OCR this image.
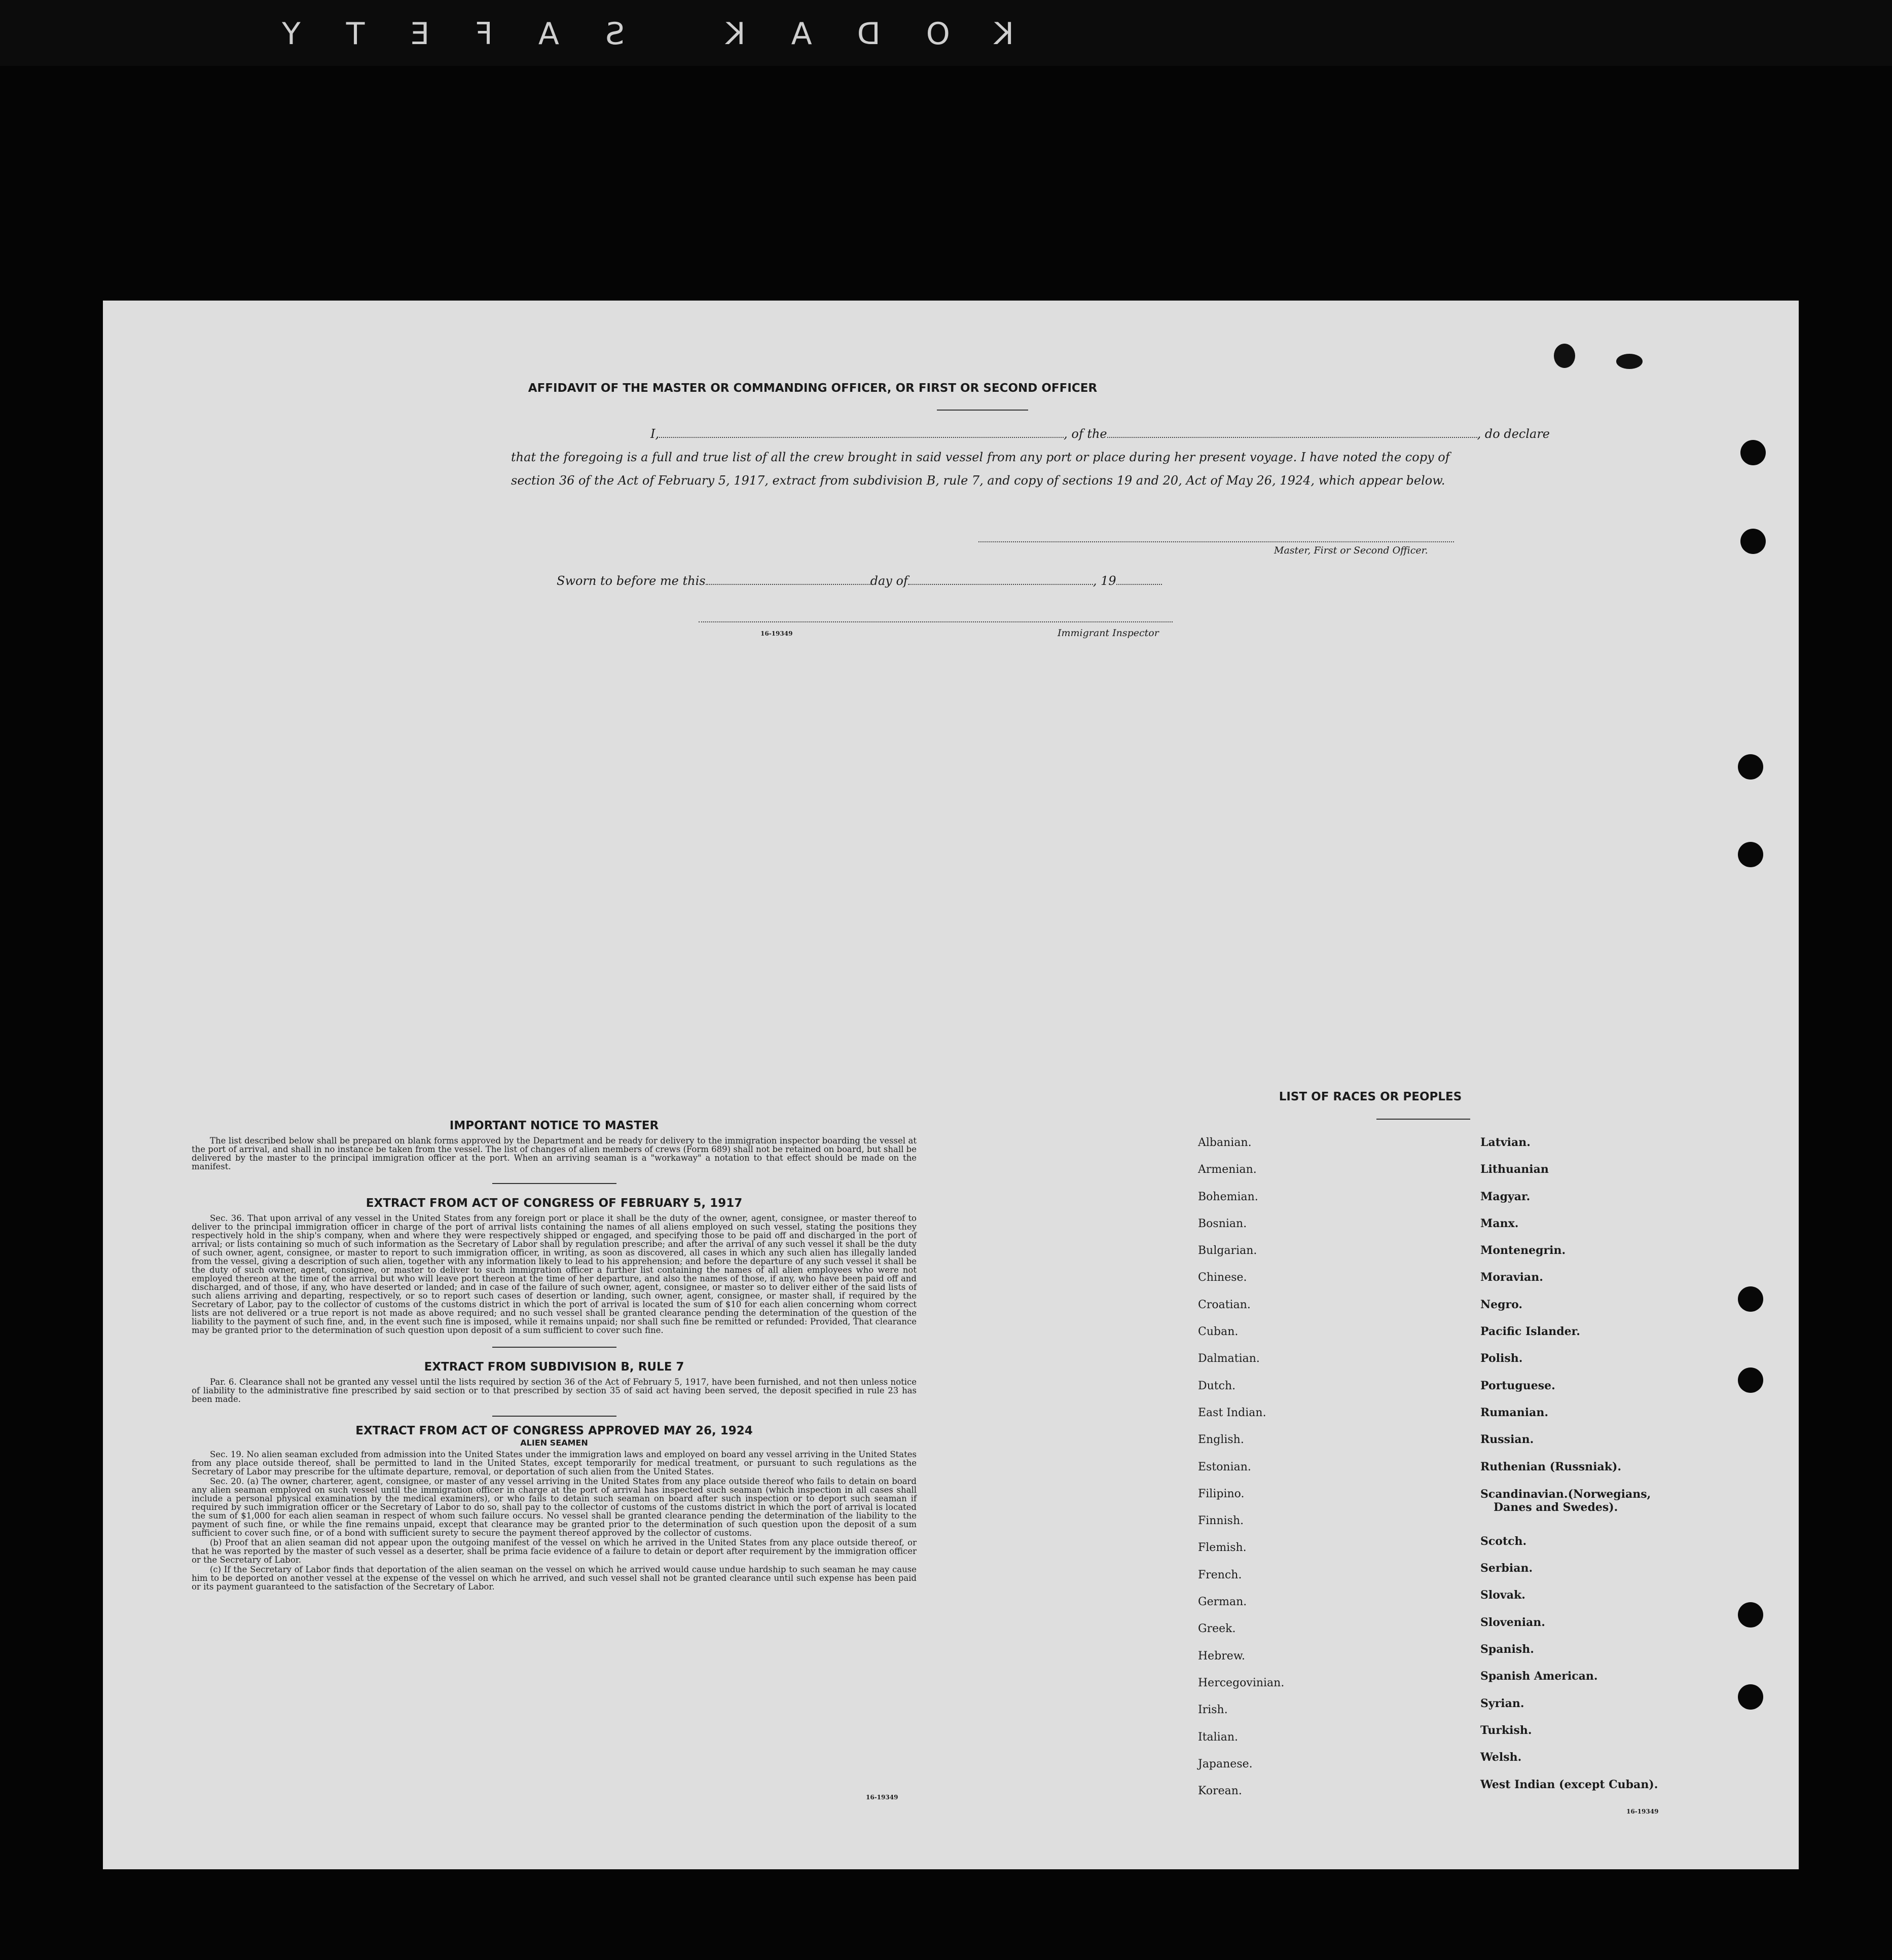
KODAK SAFETY
AFFIDAVIT OF THE MASTER OR COMMANDING OFFICER, OR FIRST OR SECOND OFFICER
I,	, of the	, do declare
that the foregoing is a full and true list of all the crew brought in said vessel from any port or place during her present voyage. I have noted the copy of section 36 of the Act of February 5, 1917, extract from subdivision B, rule 7, and copy of sections 19 and 20, Act of May 26, 1924, which appear below.
Master, First or Second Officer.
Sworn to before me this	day of	, 19
16-19349	Immigrant Inspector
IMPORTANT NOTICE TO MASTER

The list described below shall be prepared on blank forms approved by the Department and be ready for delivery to the immigration inspector boarding the vessel at the port of arrival, and shall in no instance be taken from the vessel. The list of changes of alien members of crews (Form 689) shall not be retained on board, but shall be delivered by the master to the principal immigration officer at the port. When an arriving seaman is a "workaway" a notation to that effect should be made on the manifest.

EXTRACT FROM ACT OF CONGRESS OF FEBRUARY 5, 1917

Sec. 36. That upon arrival of any vessel in the United States from any foreign port or place it shall be the duty of the owner, agent, consignee, or master thereof to deliver to the principal immigration officer in charge of the port of arrival lists containing the names of all aliens employed on such vessel, stating the positions they respectively hold in the ship's company, when and where they were respectively shipped or engaged, and specifying those to be paid off and discharged in the port of arrival; or lists containing so much of such information as the Secretary of Labor shall by regulation prescribe; and after the arrival of any such vessel it shall be the duty of such owner, agent, consignee, or master to report to such immigration officer, in writing, as soon as discovered, all cases in which any such alien has illegally landed from the vessel, giving a description of such alien, together with any information likely to lead to his apprehension; and before the departure of any such vessel it shall be the duty of such owner, agent, consignee, or master to deliver to such immigration officer a further list containing the names of all alien employees who were not employed thereon at the time of the arrival but who will leave port thereon at the time of her departure, and also the names of those, if any, who have been paid off and discharged, and of those, if any, who have deserted or landed; and in case of the failure of such owner, agent, consignee, or master so to deliver either of the said lists of such aliens arriving and departing, respectively, or so to report such cases of desertion or landing, such owner, agent, consignee, or master shall, if required by the Secretary of Labor, pay to the collector of customs of the customs district in which the port of arrival is located the sum of $10 for each alien concerning whom correct lists are not delivered or a true report is not made as above required; and no such vessel shall be granted clearance pending the determination of the question of the liability to the payment of such fine, and, in the event such fine is imposed, while it remains unpaid; nor shall such fine be remitted or refunded: Provided, That clearance may be granted prior to the determination of such question upon deposit of a sum sufficient to cover such fine.

EXTRACT FROM SUBDIVISION B, RULE 7

Par. 6. Clearance shall not be granted any vessel until the lists required by section 36 of the Act of February 5, 1917, have been furnished, and not then unless notice of liability to the administrative fine prescribed by said section or to that prescribed by section 35 of said act having been served, the deposit specified in rule 23 has been made.

EXTRACT FROM ACT OF CONGRESS APPROVED MAY 26, 1924
ALIEN SEAMEN

Sec. 19. No alien seaman excluded from admission into the United States under the immigration laws and employed on board any vessel arriving in the United States from any place outside thereof, shall be permitted to land in the United States, except temporarily for medical treatment, or pursuant to such regulations as the Secretary of Labor may prescribe for the ultimate departure, removal, or deportation of such alien from the United States.

Sec. 20. (a) The owner, charterer, agent, consignee, or master of any vessel arriving in the United States from any place outside thereof who fails to detain on board any alien seaman employed on such vessel until the immigration officer in charge at the port of arrival has inspected such seaman (which inspection in all cases shall include a personal physical examination by the medical examiners), or who fails to detain such seaman on board after such inspection or to deport such seaman if required by such immigration officer or the Secretary of Labor to do so, shall pay to the collector of customs of the customs district in which the port of arrival is located the sum of $1,000 for each alien seaman in respect of whom such failure occurs. No vessel shall be granted clearance pending the determination of the liability to the payment of such fine, or while the fine remains unpaid, except that clearance may be granted prior to the determination of such question upon the deposit of a sum sufficient to cover such fine, or of a bond with sufficient surety to secure the payment thereof approved by the collector of customs.

(b) Proof that an alien seaman did not appear upon the outgoing manifest of the vessel on which he arrived in the United States from any place outside thereof, or that he was reported by the master of such vessel as a deserter, shall be prima facie evidence of a failure to detain or deport after requirement by the immigration officer or the Secretary of Labor.

(c) If the Secretary of Labor finds that deportation of the alien seaman on the vessel on which he arrived would cause undue hardship to such seaman he may cause him to be deported on another vessel at the expense of the vessel on which he arrived, and such vessel shall not be granted clearance until such expense has been paid or its payment guaranteed to the satisfaction of the Secretary of Labor.

16-19349
LIST OF RACES OR PEOPLES
Albanian.
Armenian.
Bohemian.
Bosnian.
Bulgarian.
Chinese.
Croatian.
Cuban.
Dalmatian.
Dutch.
East Indian.
English.
Estonian.
Filipino.
Finnish.
Flemish.
French.
German.
Greek.
Hebrew.
Hercegovinian.
Irish.
Italian.
Japanese.
Korean.
Latvian.
Lithuanian
Magyar.
Manx.
Montenegrin.
Moravian.
Negro.
Pacific Islander.
Polish.
Portuguese.
Rumanian.
Russian.
Ruthenian (Russniak).
Scandinavian.(Norwegians,
Danes and Swedes).
Scotch.
Serbian.
Slovak.
Slovenian.
Spanish.
Spanish American.
Syrian.
Turkish.
Welsh.
West Indian (except Cuban).
16-19349
